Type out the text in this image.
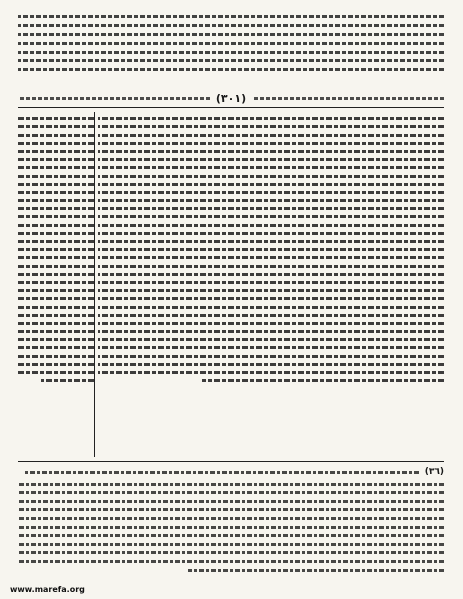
(٣٠١)
(٣٦)
www.marefa.org
